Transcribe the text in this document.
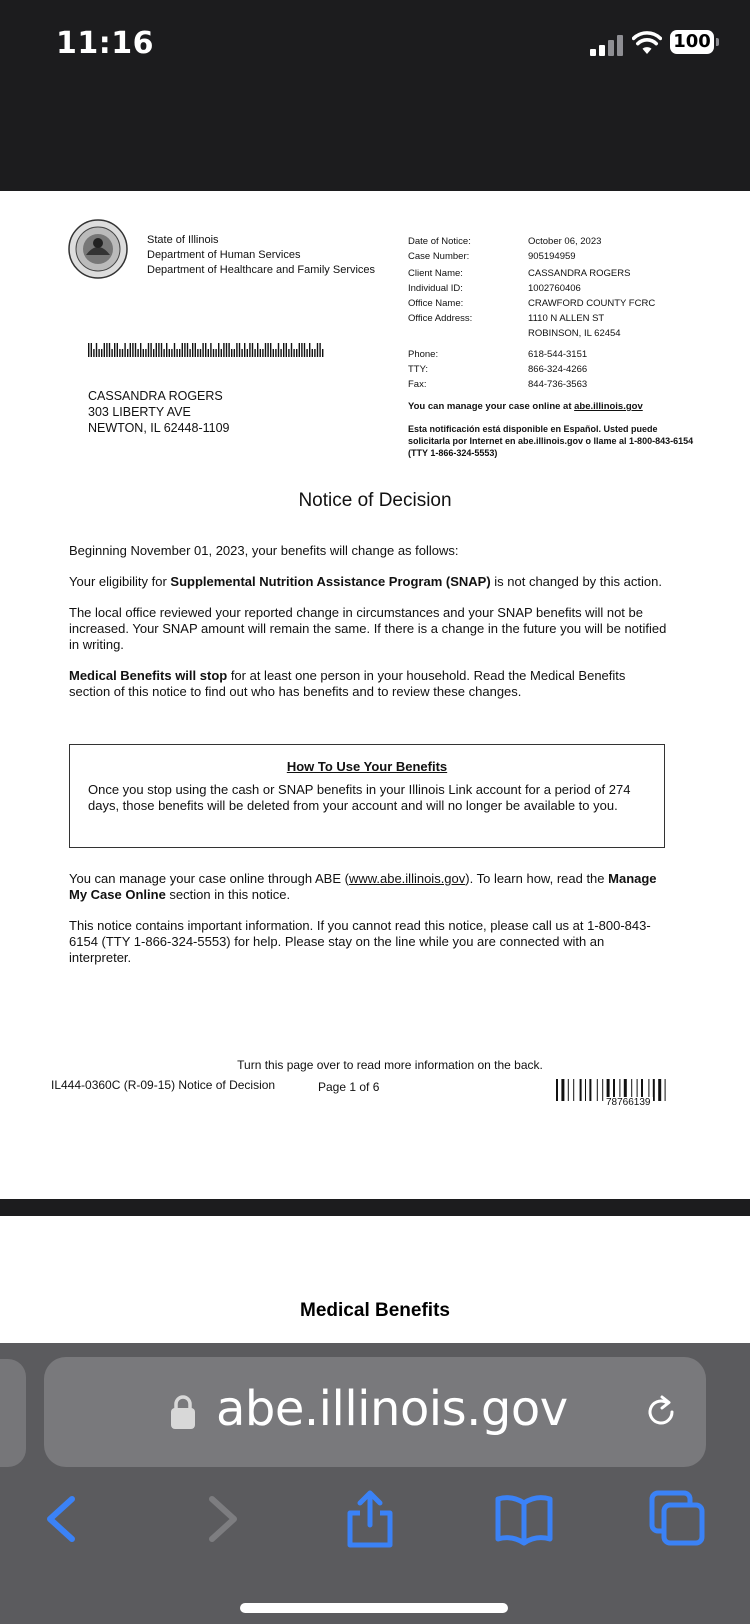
11:16	100
State of Illinois
Department of Human Services
Department of Healthcare and Family Services
CASSANDRA ROGERS
303 LIBERTY AVE
NEWTON, IL 62448-1109
Date of Notice:	October 06, 2023
Case Number:	905194959
Client Name:	CASSANDRA ROGERS
Individual ID:	1002760406
Office Name:	CRAWFORD COUNTY FCRC
Office Address:	1110 N ALLEN ST
ROBINSON, IL 62454
Phone:	618-544-3151
TTY:	866-324-4266
Fax:	844-736-3563
You can manage your case online at abe.illinois.gov
Esta notificación está disponible en Español. Usted puede solicitarla por Internet en abe.illinois.gov o llame al 1-800-843-6154 (TTY 1-866-324-5553)
Notice of Decision

Beginning November 01, 2023, your benefits will change as follows:

Your eligibility for Supplemental Nutrition Assistance Program (SNAP) is not changed by this action.

The local office reviewed your reported change in circumstances and your SNAP benefits will not be increased. Your SNAP amount will remain the same. If there is a change in the future you will be notified in writing.

Medical Benefits will stop for at least one person in your household. Read the Medical Benefits section of this notice to find out who has benefits and to review these changes.

How To Use Your Benefits

Once you stop using the cash or SNAP benefits in your Illinois Link account for a period of 274 days, those benefits will be deleted from your account and will no longer be available to you.

You can manage your case online through ABE (www.abe.illinois.gov). To learn how, read the Manage My Case Online section in this notice.

This notice contains important information. If you cannot read this notice, please call us at 1-800-843-6154 (TTY 1-866-324-5553) for help. Please stay on the line while you are connected with an interpreter.

Turn this page over to read more information on the back.
IL444-0360C (R-09-15) Notice of Decision	Page 1 of 6
78766139
Medical Benefits
abe.illinois.gov
